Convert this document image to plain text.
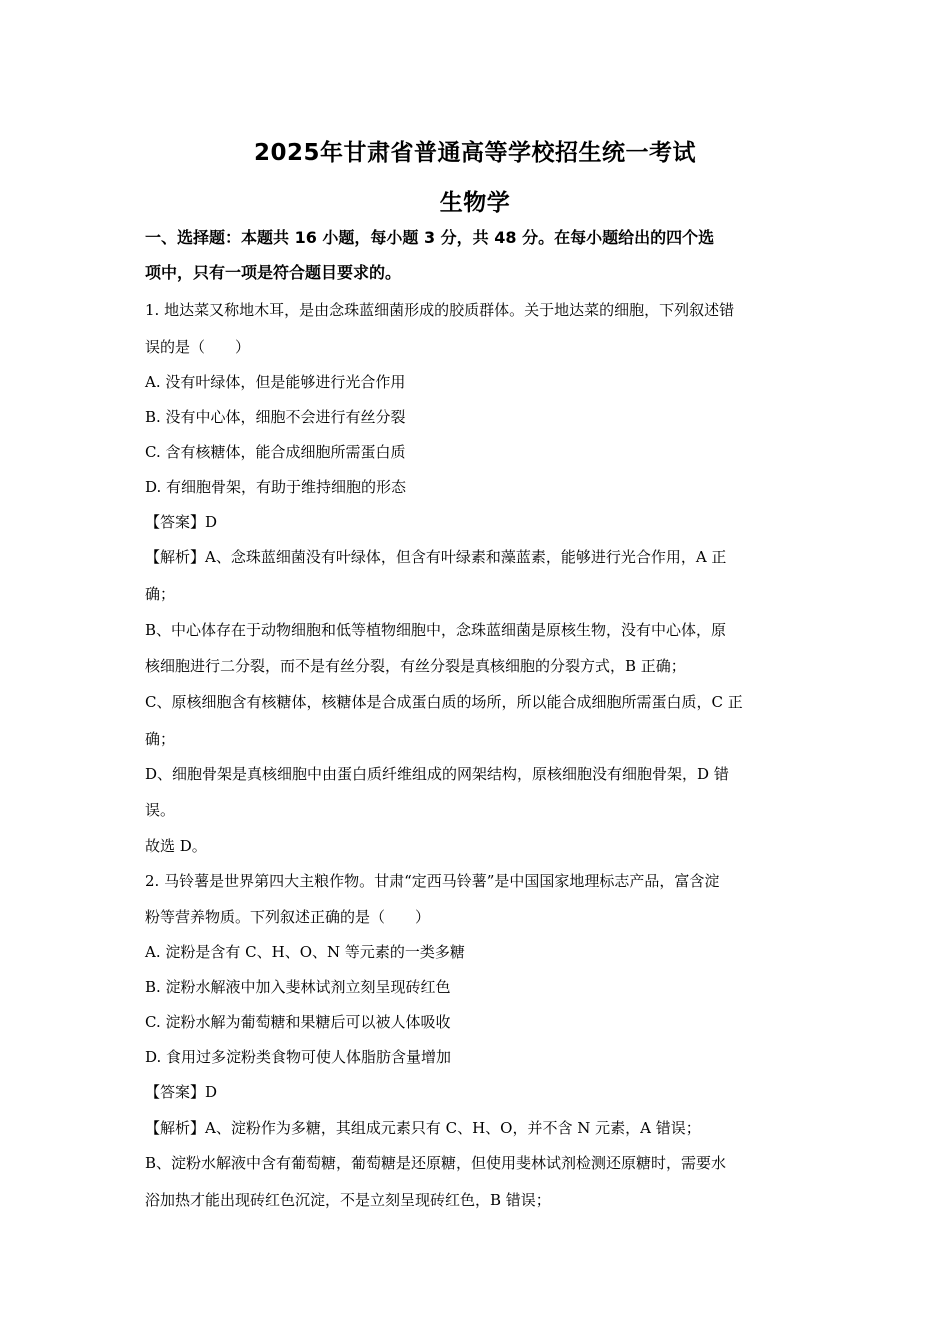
2025年甘肃省普通高等学校招生统一考试
生物学
一、选择题：本题共 16 小题，每小题 3 分，共 48 分。在每小题给出的四个选
项中，只有一项是符合题目要求的。
1. 地达菜又称地木耳，是由念珠蓝细菌形成的胶质群体。关于地达菜的细胞，下列叙述错
误的是（　　）
A. 没有叶绿体，但是能够进行光合作用
B. 没有中心体，细胞不会进行有丝分裂
C. 含有核糖体，能合成细胞所需蛋白质
D. 有细胞骨架，有助于维持细胞的形态
【答案】D
【解析】A、念珠蓝细菌没有叶绿体，但含有叶绿素和藻蓝素，能够进行光合作用，A 正
确；
B、中心体存在于动物细胞和低等植物细胞中，念珠蓝细菌是原核生物，没有中心体，原
核细胞进行二分裂，而不是有丝分裂，有丝分裂是真核细胞的分裂方式，B 正确；
C、原核细胞含有核糖体，核糖体是合成蛋白质的场所，所以能合成细胞所需蛋白质，C 正
确；
D、细胞骨架是真核细胞中由蛋白质纤维组成的网架结构，原核细胞没有细胞骨架，D 错
误。
故选 D。
2. 马铃薯是世界第四大主粮作物。甘肃“定西马铃薯”是中国国家地理标志产品，富含淀
粉等营养物质。下列叙述正确的是（　　）
A. 淀粉是含有 C、H、O、N 等元素的一类多糖
B. 淀粉水解液中加入斐林试剂立刻呈现砖红色
C. 淀粉水解为葡萄糖和果糖后可以被人体吸收
D. 食用过多淀粉类食物可使人体脂肪含量增加
【答案】D
【解析】A、淀粉作为多糖，其组成元素只有 C、H、O，并不含 N 元素，A 错误；
B、淀粉水解液中含有葡萄糖，葡萄糖是还原糖，但使用斐林试剂检测还原糖时，需要水
浴加热才能出现砖红色沉淀，不是立刻呈现砖红色，B 错误；
